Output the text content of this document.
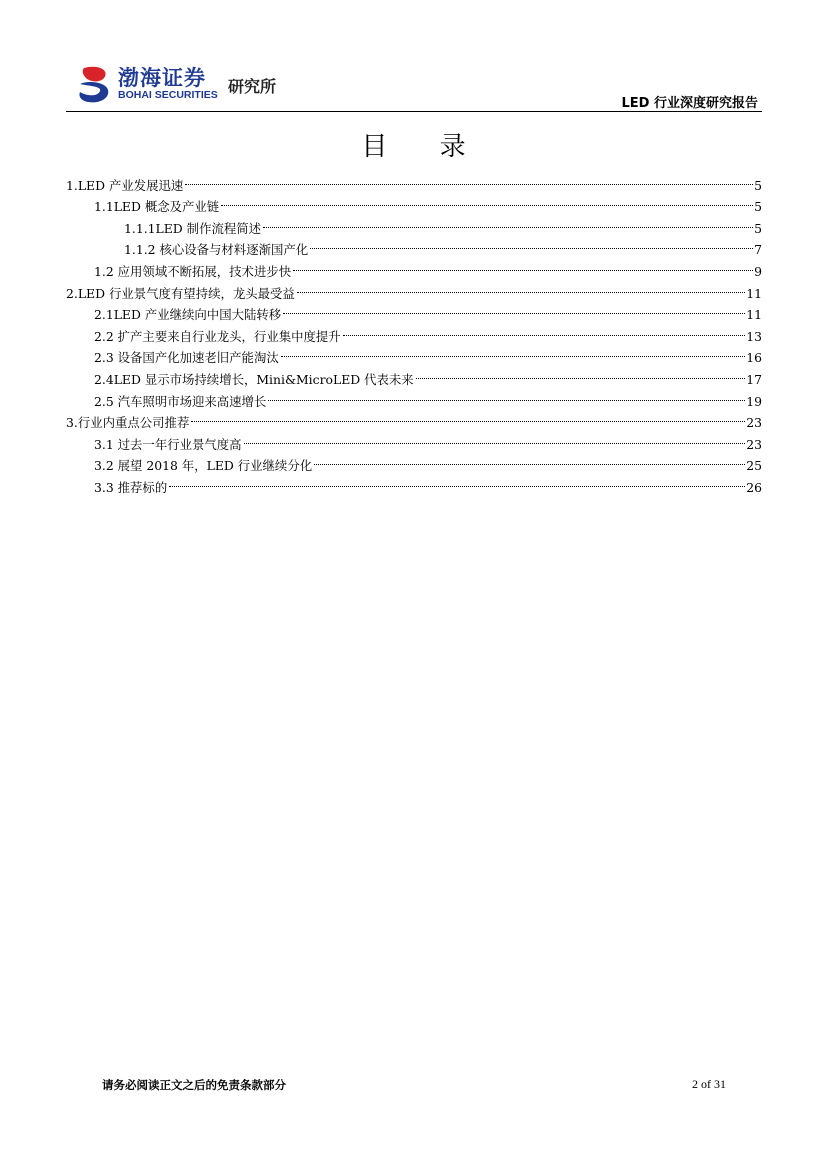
渤海证券
BOHAI SECURITIES 研究所
LED 行业深度研究报告
目 录
1.LED 产业发展迅速	5
1.1LED 概念及产业链	5
1.1.1LED 制作流程简述	5
1.1.2 核心设备与材料逐渐国产化	7
1.2 应用领域不断拓展，技术进步快	9
2.LED 行业景气度有望持续，龙头最受益	11
2.1LED 产业继续向中国大陆转移	11
2.2 扩产主要来自行业龙头，行业集中度提升	13
2.3 设备国产化加速老旧产能淘汰	16
2.4LED 显示市场持续增长，Mini&MicroLED 代表未来	17
2.5 汽车照明市场迎来高速增长	19
3.行业内重点公司推荐	23
3.1 过去一年行业景气度高	23
3.2 展望 2018 年，LED 行业继续分化	25
3.3 推荐标的	26
请务必阅读正文之后的免责条款部分	2 of 31
